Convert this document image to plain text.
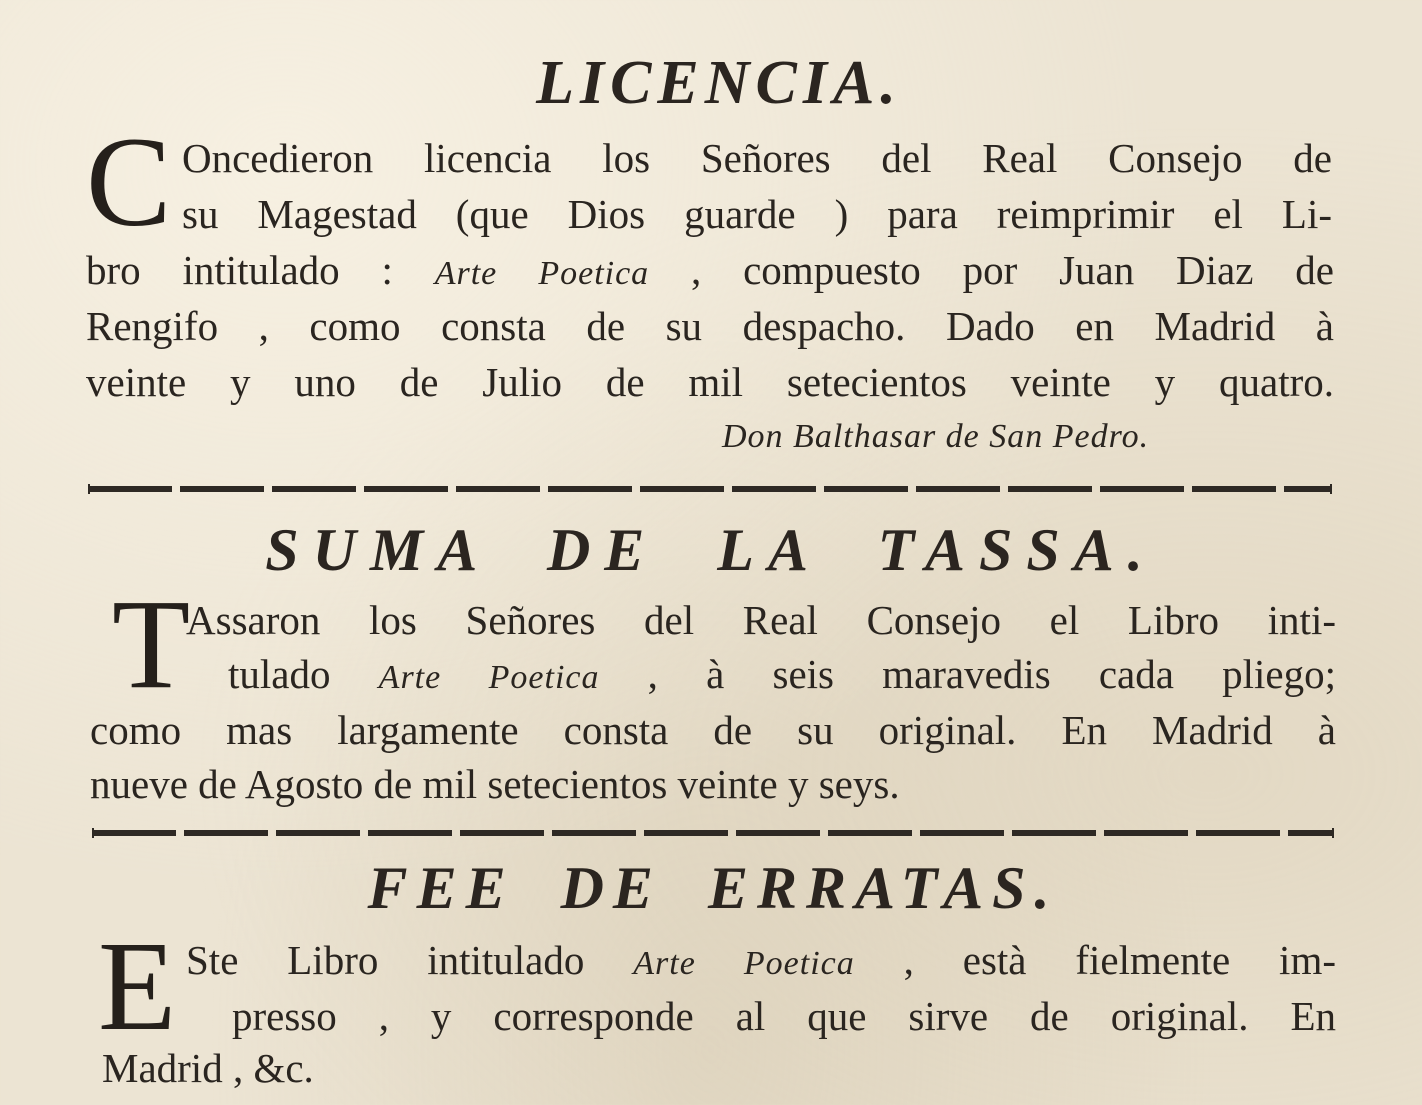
LICENCIA.
C Oncedieron licencia los Señores del Real Consejo de

su Magestad (que Dios guarde ) para reimprimir el Li-

bro intitulado : Arte Poetica , compuesto por Juan Diaz de

Rengifo , como consta de su despacho. Dado en Madrid à

veinte y uno de Julio de mil setecientos veinte y quatro.

Don Balthasar de San Pedro.
SUMA DE LA TASSA.
T

Assaron los Señores del Real Consejo el Libro inti-

tulado Arte Poetica , à seis maravedis cada pliego;

como mas largamente consta de su original. En Madrid à

nueve de Agosto de mil setecientos veinte y seys.

FEE DE ERRATAS.
E Ste Libro intitulado Arte Poetica , està fielmente im-

presso , y corresponde al que sirve de original. En

Madrid , &c.
